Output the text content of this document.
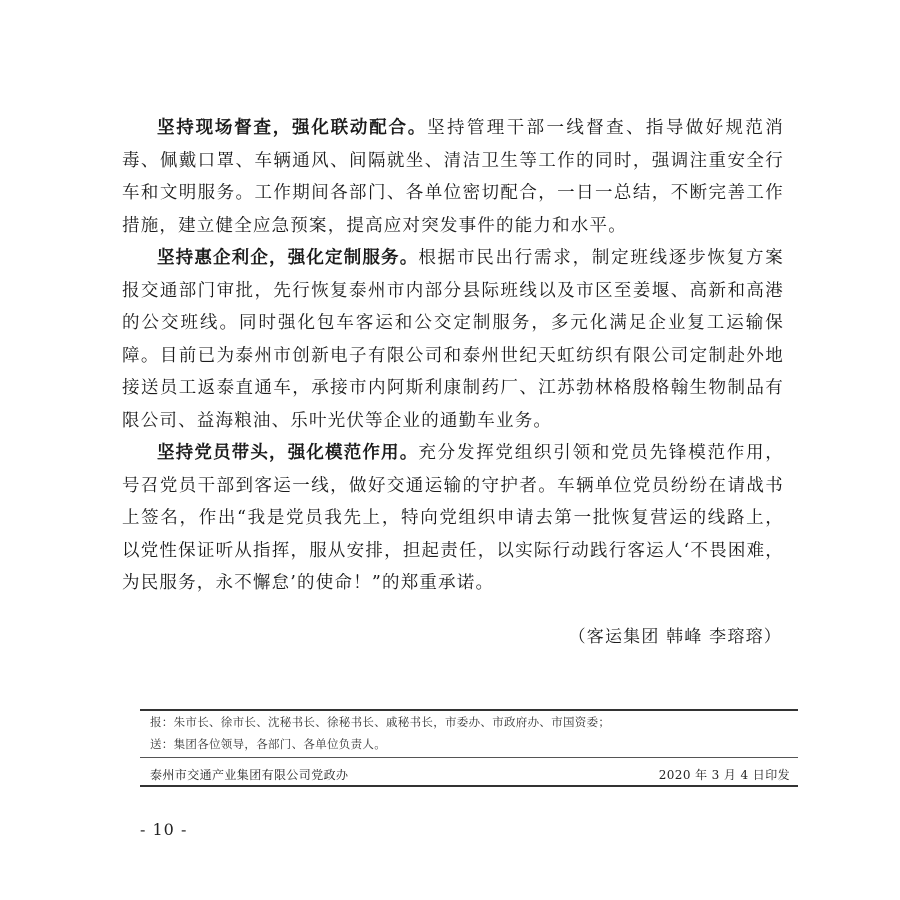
坚持现场督查，强化联动配合。坚持管理干部一线督查、指导做好规范消毒、佩戴口罩、车辆通风、间隔就坐、清洁卫生等工作的同时，强调注重安全行车和文明服务。工作期间各部门、各单位密切配合，一日一总结，不断完善工作措施，建立健全应急预案，提高应对突发事件的能力和水平。

坚持惠企利企，强化定制服务。根据市民出行需求，制定班线逐步恢复方案报交通部门审批，先行恢复泰州市内部分县际班线以及市区至姜堰、高新和高港的公交班线。同时强化包车客运和公交定制服务，多元化满足企业复工运输保障。目前已为泰州市创新电子有限公司和泰州世纪天虹纺织有限公司定制赴外地接送员工返泰直通车，承接市内阿斯利康制药厂、江苏勃林格殷格翰生物制品有限公司、益海粮油、乐叶光伏等企业的通勤车业务。

坚持党员带头，强化模范作用。充分发挥党组织引领和党员先锋模范作用，号召党员干部到客运一线，做好交通运输的守护者。车辆单位党员纷纷在请战书上签名，作出“我是党员我先上，特向党组织申请去第一批恢复营运的线路上，以党性保证听从指挥，服从安排，担起责任，以实际行动践行客运人‘不畏困难，为民服务，永不懈怠’的使命！”的郑重承诺。

（客运集团 韩峰 李瑢瑢）
报：朱市长、徐市长、沈秘书长、徐秘书长、戚秘书长，市委办、市政府办、市国资委；
送：集团各位领导，各部门、各单位负责人。
泰州市交通产业集团有限公司党政办	2020 年 3 月 4 日印发
- 10 -
